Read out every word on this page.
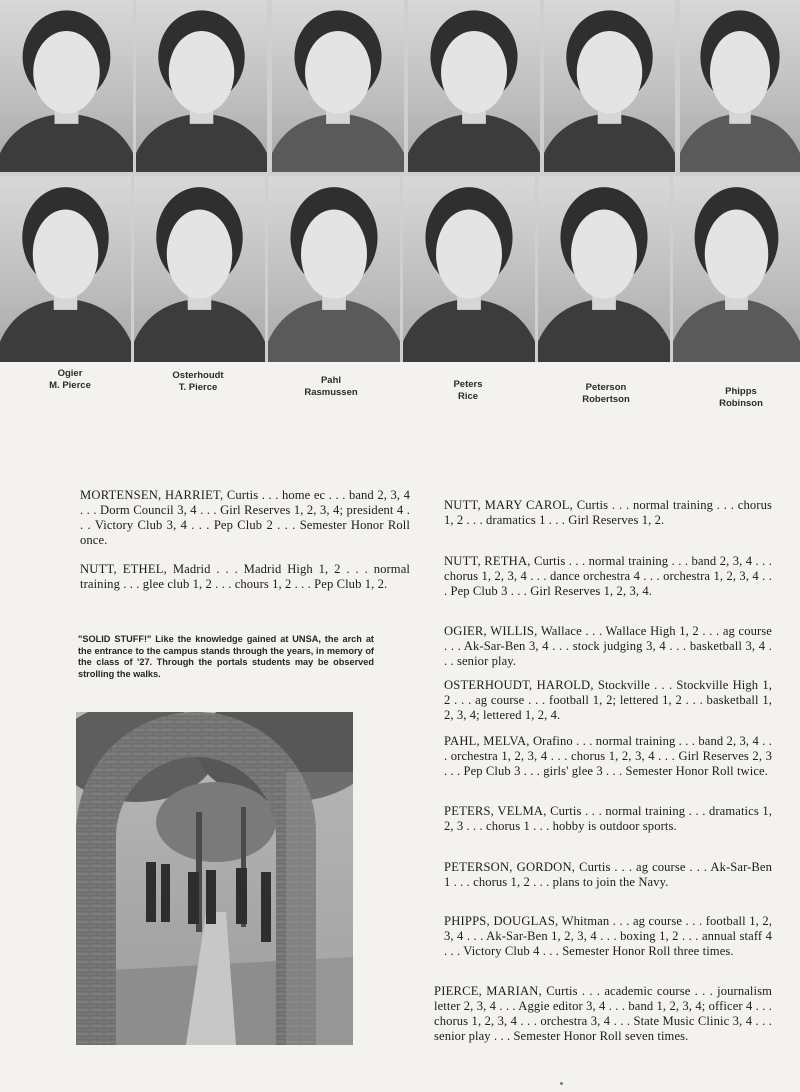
Ogier
M. Pierce
Osterhoudt
T. Pierce
Pahl
Rasmussen
Peters
Rice
Peterson
Robertson
Phipps
Robinson
MORTENSEN, HARRIET, Curtis . . . home ec . . . band 2, 3, 4 . . . Dorm Council 3, 4 . . . Girl Reserves 1, 2, 3, 4; president 4 . . . Victory Club 3, 4 . . . Pep Club 2 . . . Semester Honor Roll once.
NUTT, ETHEL, Madrid . . . Madrid High 1, 2 . . . normal training . . . glee club 1, 2 . . . chours 1, 2 . . . Pep Club 1, 2.
"SOLID STUFF!" Like the knowledge gained at UNSA, the arch at the entrance to the campus stands through the years, in memory of the class of '27. Through the portals students may be observed strolling the walks.
NUTT, MARY CAROL, Curtis . . . normal training . . . chorus 1, 2 . . . dramatics 1 . . . Girl Reserves 1, 2.
NUTT, RETHA, Curtis . . . normal training . . . band 2, 3, 4 . . . chorus 1, 2, 3, 4 . . . dance orchestra 4 . . . orchestra 1, 2, 3, 4 . . . Pep Club 3 . . . Girl Reserves 1, 2, 3, 4.
OGIER, WILLIS, Wallace . . . Wallace High 1, 2 . . . ag course . . . Ak-Sar-Ben 3, 4 . . . stock judging 3, 4 . . . basketball 3, 4 . . . senior play.
OSTERHOUDT, HAROLD, Stockville . . . Stockville High 1, 2 . . . ag course . . . football 1, 2; lettered 1, 2 . . . basketball 1, 2, 3, 4; lettered 1, 2, 4.
PAHL, MELVA, Orafino . . . normal training . . . band 2, 3, 4 . . . orchestra 1, 2, 3, 4 . . . chorus 1, 2, 3, 4 . . . Girl Reserves 2, 3 . . . Pep Club 3 . . . girls' glee 3 . . . Semester Honor Roll twice.
PETERS, VELMA, Curtis . . . normal training . . . dramatics 1, 2, 3 . . . chorus 1 . . . hobby is outdoor sports.
PETERSON, GORDON, Curtis . . . ag course . . . Ak-Sar-Ben 1 . . . chorus 1, 2 . . . plans to join the Navy.
PHIPPS, DOUGLAS, Whitman . . . ag course . . . football 1, 2, 3, 4 . . . Ak-Sar-Ben 1, 2, 3, 4 . . . boxing 1, 2 . . . annual staff 4 . . . Victory Club 4 . . . Semester Honor Roll three times.
PIERCE, MARIAN, Curtis . . . academic course . . . journalism letter 2, 3, 4 . . . Aggie editor 3, 4 . . . band 1, 2, 3, 4; officer 4 . . . chorus 1, 2, 3, 4 . . . orchestra 3, 4 . . . State Music Clinic 3, 4 . . . senior play . . . Semester Honor Roll seven times.
